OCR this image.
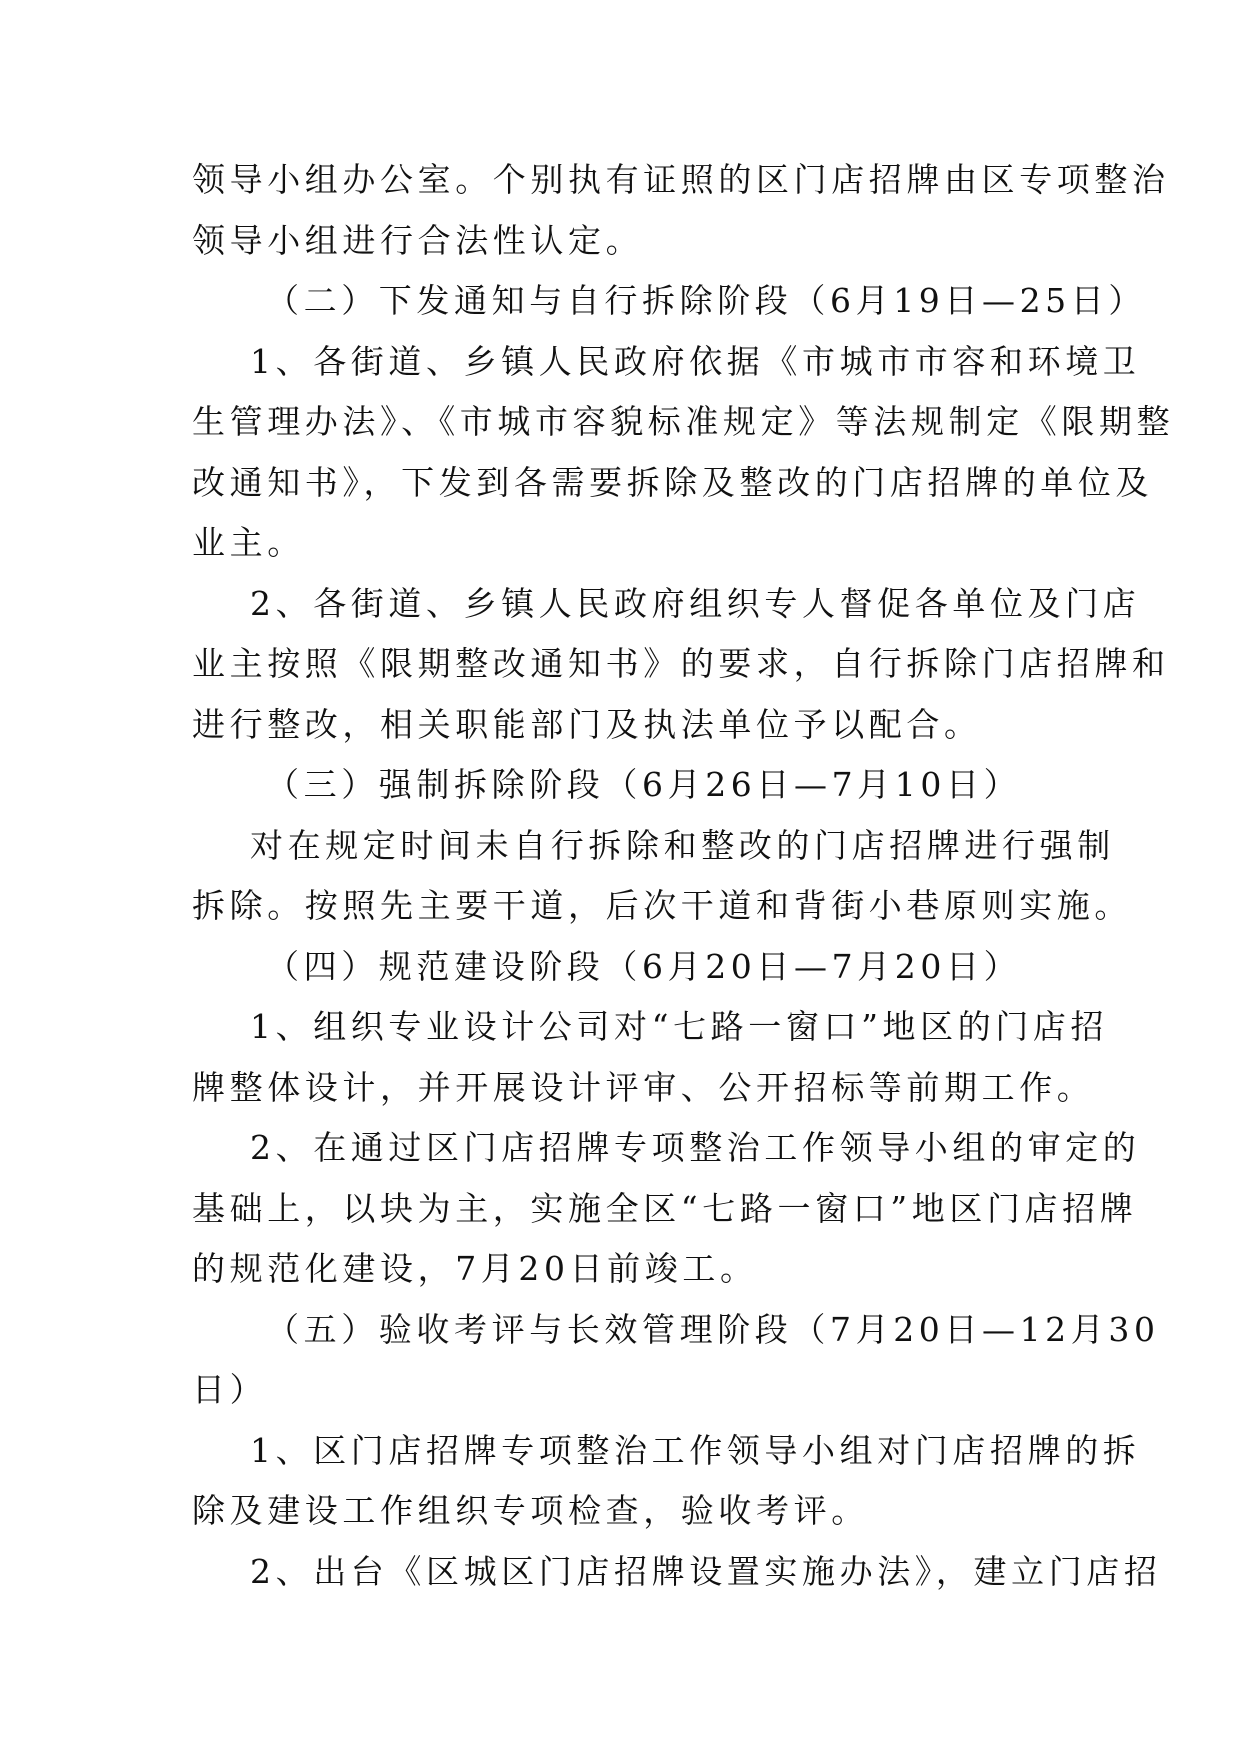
领导小组办公室。个别执有证照的区门店招牌由区专项整治
领导小组进行合法性认定。
（二）下发通知与自行拆除阶段（6月19日—25日）
1、各街道、乡镇人民政府依据《市城市市容和环境卫
生管理办法》、《市城市容貌标准规定》等法规制定《限期整
改通知书》，下发到各需要拆除及整改的门店招牌的单位及
业主。
2、各街道、乡镇人民政府组织专人督促各单位及门店
业主按照《限期整改通知书》的要求，自行拆除门店招牌和
进行整改，相关职能部门及执法单位予以配合。
（三）强制拆除阶段（6月26日—7月10日）
对在规定时间未自行拆除和整改的门店招牌进行强制
拆除。按照先主要干道，后次干道和背街小巷原则实施。
（四）规范建设阶段（6月20日—7月20日）
1、组织专业设计公司对“七路一窗口”地区的门店招
牌整体设计，并开展设计评审、公开招标等前期工作。
2、在通过区门店招牌专项整治工作领导小组的审定的
基础上，以块为主，实施全区“七路一窗口”地区门店招牌
的规范化建设，7月20日前竣工。
（五）验收考评与长效管理阶段（7月20日—12月30
日）
1、区门店招牌专项整治工作领导小组对门店招牌的拆
除及建设工作组织专项检查，验收考评。
2、出台《区城区门店招牌设置实施办法》，建立门店招
